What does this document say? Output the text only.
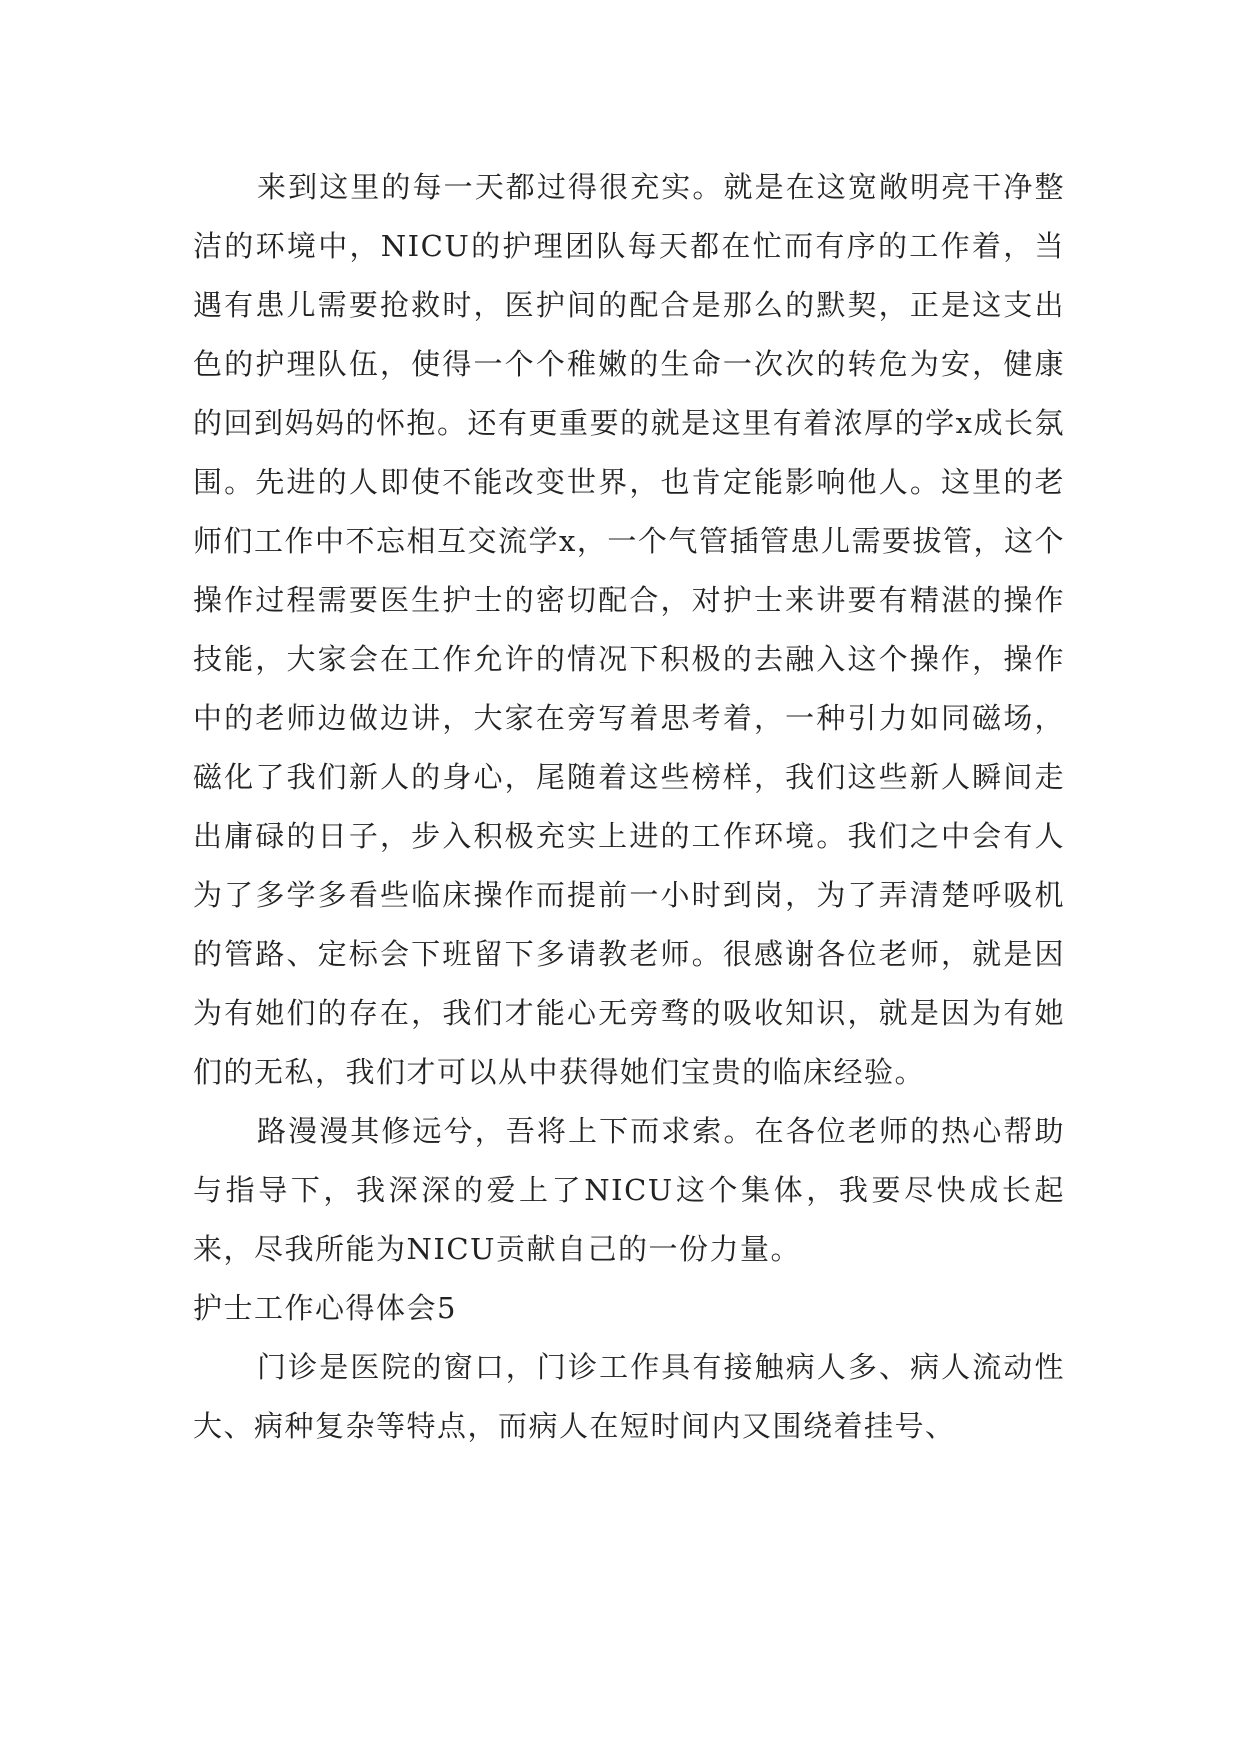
来到这里的每一天都过得很充实。就是在这宽敞明亮干净整洁的环境中，NICU的护理团队每天都在忙而有序的工作着，当遇有患儿需要抢救时，医护间的配合是那么的默契，正是这支出色的护理队伍，使得一个个稚嫩的生命一次次的转危为安，健康的回到妈妈的怀抱。还有更重要的就是这里有着浓厚的学x成长氛围。先进的人即使不能改变世界，也肯定能影响他人。这里的老师们工作中不忘相互交流学x，一个气管插管患儿需要拔管，这个操作过程需要医生护士的密切配合，对护士来讲要有精湛的操作技能，大家会在工作允许的情况下积极的去融入这个操作，操作中的老师边做边讲，大家在旁写着思考着，一种引力如同磁场，磁化了我们新人的身心，尾随着这些榜样，我们这些新人瞬间走出庸碌的日子，步入积极充实上进的工作环境。我们之中会有人为了多学多看些临床操作而提前一小时到岗，为了弄清楚呼吸机的管路、定标会下班留下多请教老师。很感谢各位老师，就是因为有她们的存在，我们才能心无旁骛的吸收知识，就是因为有她们的无私，我们才可以从中获得她们宝贵的临床经验。

路漫漫其修远兮，吾将上下而求索。在各位老师的热心帮助与指导下，我深深的爱上了NICU这个集体，我要尽快成长起来，尽我所能为NICU贡献自己的一份力量。

护士工作心得体会5

门诊是医院的窗口，门诊工作具有接触病人多、病人流动性大、病种复杂等特点，而病人在短时间内又围绕着挂号、
